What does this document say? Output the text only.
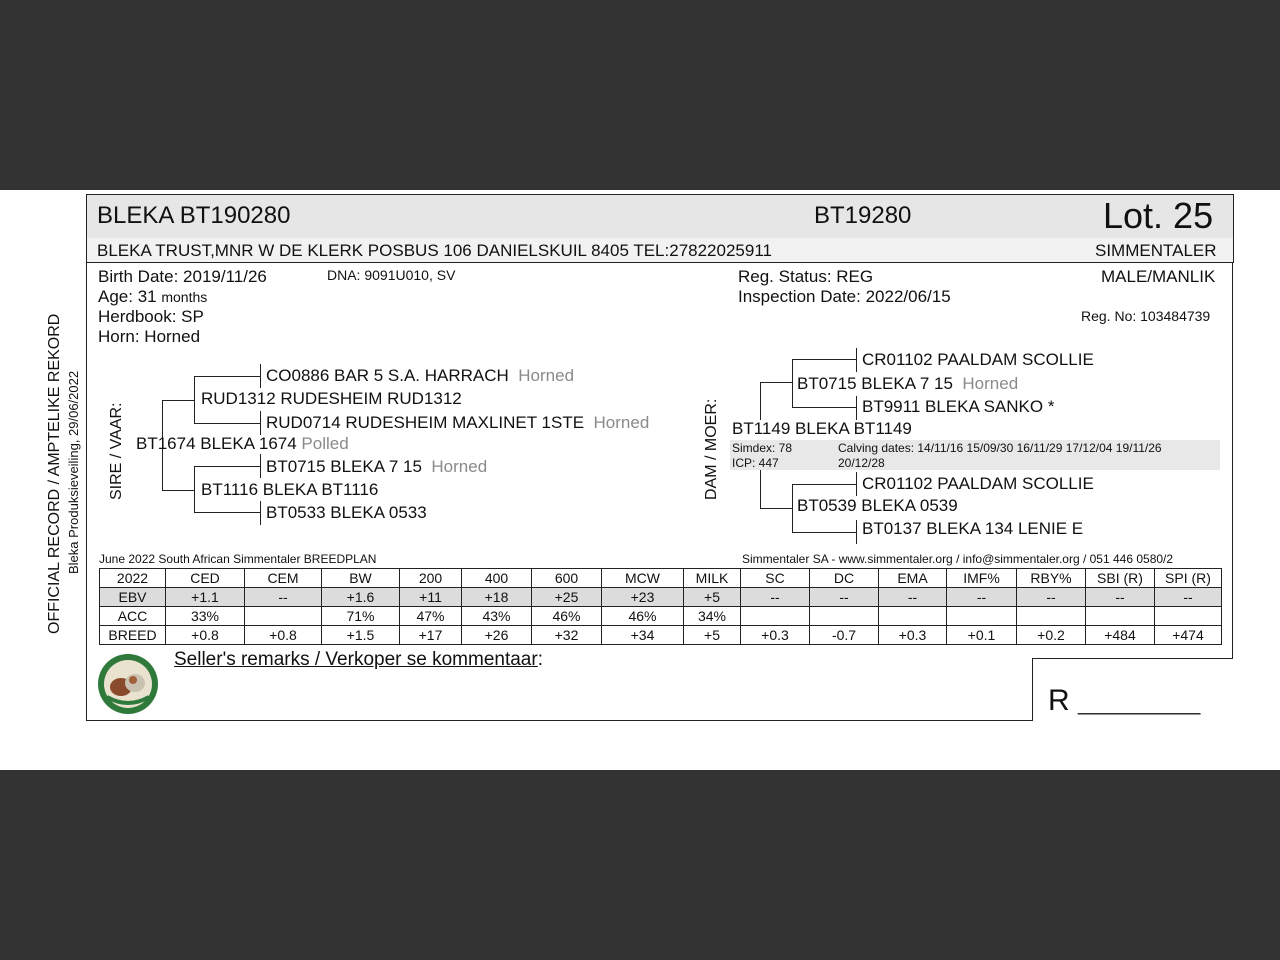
BLEKA BT190280	BT19280	Lot. 25
BLEKA TRUST,MNR W DE KLERK POSBUS 106 DANIELSKUIL 8405 TEL:27822025911	SIMMENTALER
Birth Date: 2019/11/26	DNA: 9091U010, SV
Age: 31 months
Herdbook: SP
Horn: Horned
Reg. Status: REG
Inspection Date: 2022/06/15
MALE/MANLIK
Reg. No: 103484739
OFFICIAL RECORD / AMPTELIKE REKORD Bleka Produksieveiling, 29/06/2022 SIRE / VAAR:
CO0886 BAR 5 S.A. HARRACH Horned
RUD1312 RUDESHEIM RUD1312
RUD0714 RUDESHEIM MAXLINET 1STE Horned
BT1674 BLEKA 1674 Polled
BT0715 BLEKA 7 15 Horned
BT1116 BLEKA BT1116
BT0533 BLEKA 0533
DAM / MOER:
CR01102 PAALDAM SCOLLIE
BT0715 BLEKA 7 15 Horned
BT9911 BLEKA SANKO *
BT1149 BLEKA BT1149
Simdex: 78
ICP: 447
Calving dates: 14/11/16 15/09/30 16/11/29 17/12/04 19/11/26
20/12/28
CR01102 PAALDAM SCOLLIE
BT0539 BLEKA 0539
BT0137 BLEKA 134 LENIE E
June 2022 South African Simmentaler BREEDPLAN	Simmentaler SA - www.simmentaler.org / info@simmentaler.org / 051 446 0580/2
2022	CED	CEM	BW	200	400	600	MCW	MILK	SC	DC	EMA	IMF%	RBY%	SBI (R)	SPI (R)
EBV	+1.1	--	+1.6	+11	+18	+25	+23	+5	--	--	--	--	--	--	--
ACC	33%		71%	47%	43%	46%	46%	34%							
BREED	+0.8	+0.8	+1.5	+17	+26	+32	+34	+5	+0.3	-0.7	+0.3	+0.1	+0.2	+484	+474
Seller's remarks / Verkoper se kommentaar:
R __________
